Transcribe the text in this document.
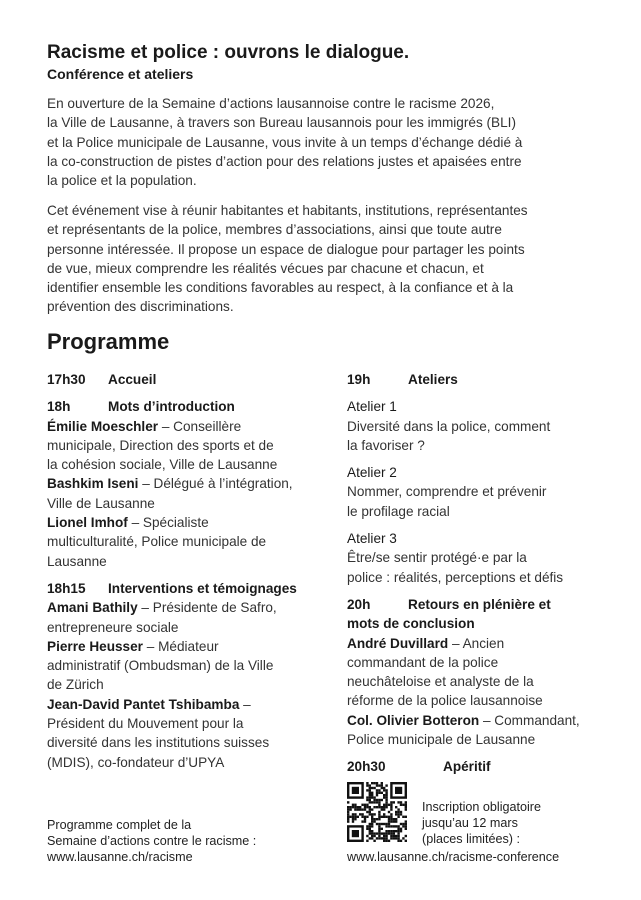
Racisme et police : ouvrons le dialogue.
Conférence et ateliers
En ouverture de la Semaine d’actions lausannoise contre le racisme 2026,
la Ville de Lausanne, à travers son Bureau lausannois pour les immigrés (BLI)
et la Police municipale de Lausanne, vous invite à un temps d’échange dédié à
la co-construction de pistes d’action pour des relations justes et apaisées entre
la police et la population.
Cet événement vise à réunir habitantes et habitants, institutions, représentantes
et représentants de la police, membres d’associations, ainsi que toute autre
personne intéressée. Il propose un espace de dialogue pour partager les points
de vue, mieux comprendre les réalités vécues par chacune et chacun, et
identifier ensemble les conditions favorables au respect, à la confiance et à la
prévention des discriminations.
Programme
17h30 Accueil
18h	Mots d’introduction
Émilie Moeschler – Conseillère
municipale, Direction des sports et de
la cohésion sociale, Ville de Lausanne
Bashkim Iseni – Délégué à l’intégration,
Ville de Lausanne
Lionel Imhof – Spécialiste
multiculturalité, Police municipale de
Lausanne
18h15 Interventions et témoignages
Amani Bathily – Présidente de Safro,
entrepreneure sociale
Pierre Heusser – Médiateur
administratif (Ombudsman) de la Ville
de Zürich
Jean-David Pantet Tshibamba –
Président du Mouvement pour la
diversité dans les institutions suisses
(MDIS), co-fondateur d’UPYA
19h	Ateliers
Atelier 1
Diversité dans la police, comment
la favoriser ?
Atelier 2
Nommer, comprendre et prévenir
le profilage racial
Atelier 3
Être/se sentir protégé·e par la
police : réalités, perceptions et défis
20h	Retours en plénière et
mots de conclusion
André Duvillard – Ancien
commandant de la police
neuchâteloise et analyste de la
réforme de la police lausannoise
Col. Olivier Botteron – Commandant,
Police municipale de Lausanne
20h30	Apéritif
Programme complet de la
Semaine d’actions contre le racisme :
www.lausanne.ch/racisme
Inscription obligatoire
jusqu’au 12 mars
(places limitées) :
www.lausanne.ch/racisme-conference
